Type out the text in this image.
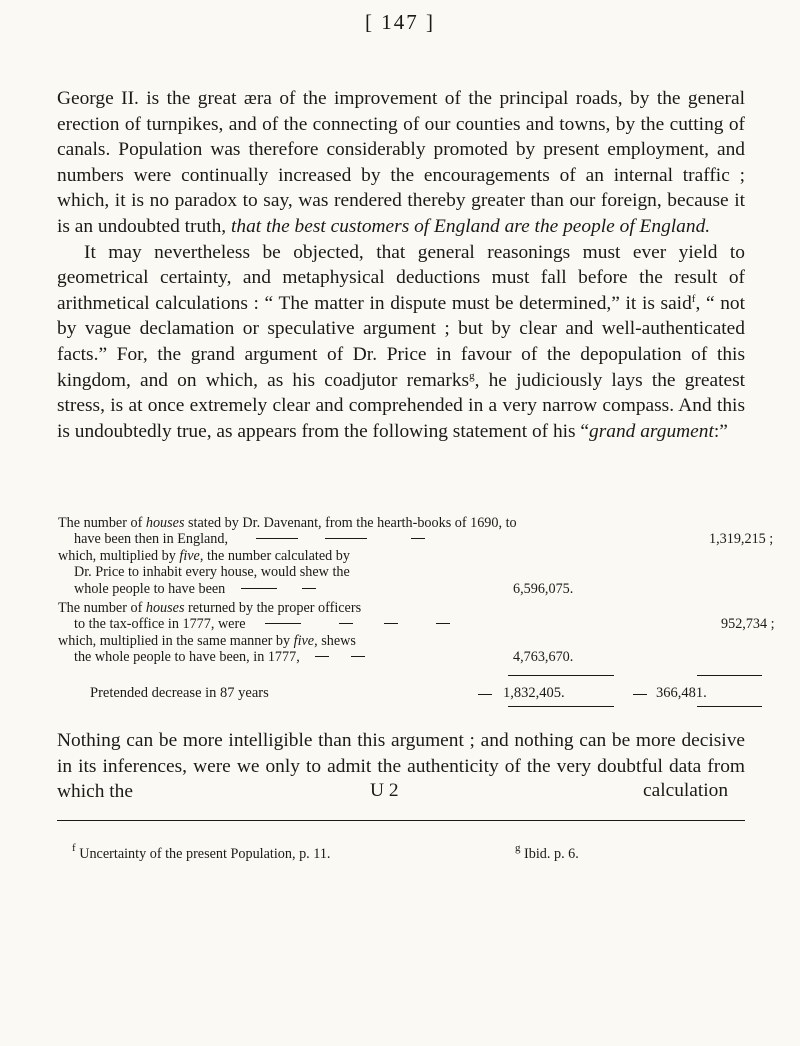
[ 147 ]

George II. is the great æra of the improvement of the principal roads, by the general erection of turnpikes, and of the connecting of our counties and towns, by the cutting of canals. Population was therefore considerably promoted by present employment, and numbers were continually increased by the encouragements of an internal traffic ; which, it is no paradox to say, was rendered thereby greater than our foreign, because it is an undoubted truth, that the best customers of England are the people of England.

It may nevertheless be objected, that general reasonings must ever yield to geometrical certainty, and metaphysical deductions must fall before the result of arithmetical calculations : “ The matter in dispute must be determined,” it is said$^f$, “ not by vague declamation or speculative argument ; but by clear and well-authenticated facts.” For, the grand argument of Dr. Price in favour of the depopulation of this kingdom, and on which, as his coadjutor remarks$^g$, he judiciously lays the greatest stress, is at once extremely clear and comprehended in a very narrow compass. And this is undoubtedly true, as appears from the following statement of his “grand argument:”

The number of houses stated by Dr. Davenant, from the hearth-books of 1690, to
have been then in England,	1,319,215 ;
which, multiplied by five, the number calculated by
Dr. Price to inhabit every house, would shew the
whole people to have been	6,596,075.
The number of houses returned by the proper officers
to the tax-office in 1777, were	952,734 ;
which, multiplied in the same manner by five, shews
the whole people to have been, in 1777,	4,763,670.
Pretended decrease in 87 years	1,832,405.	366,481.
Nothing can be more intelligible than this argument ; and nothing can be more decisive in its inferences, were we only to admit the authenticity of the very doubtful data from which the	U 2	calculation
$^f$ Uncertainty of the present Population, p. 11.	$^g$ Ibid. p. 6.
